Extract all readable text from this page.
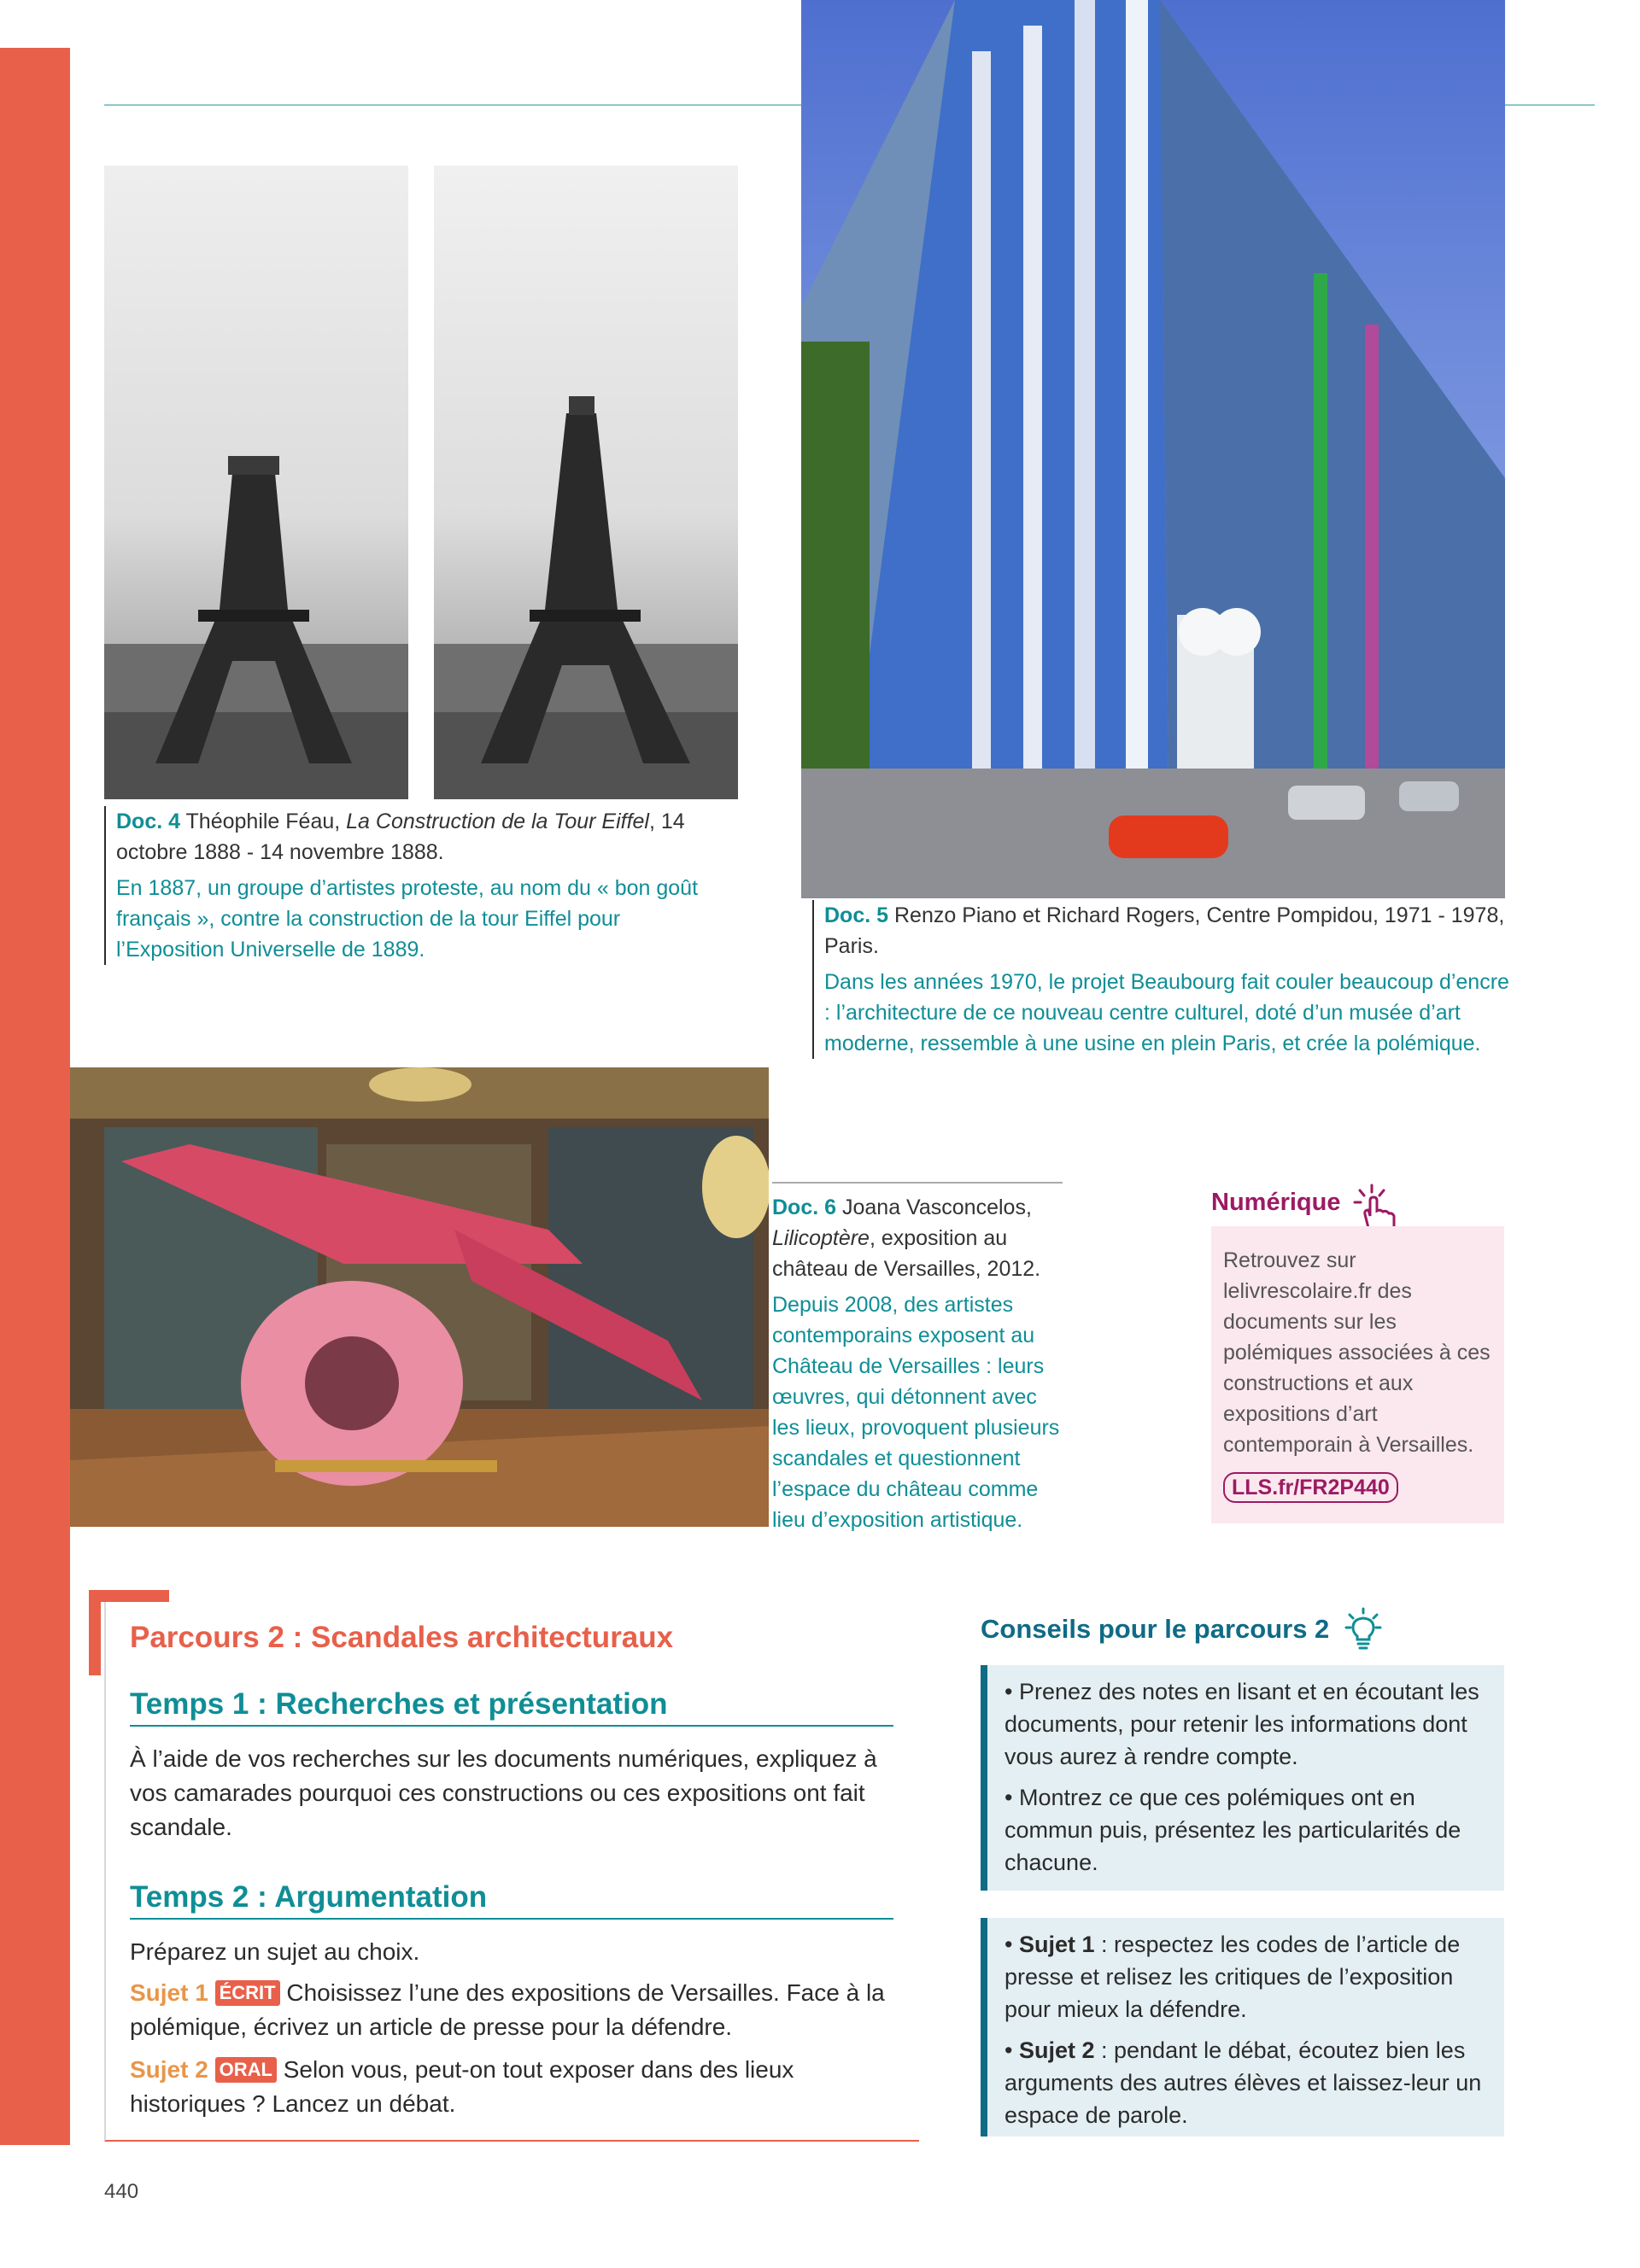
Doc. 4 Théophile Féau, La Construction de la Tour Eiffel, 14 octobre 1888 - 14 novembre 1888.
En 1887, un groupe d’artistes proteste, au nom du « bon goût français », contre la construction de la tour Eiffel pour l’Exposition Universelle de 1889.
Doc. 5 Renzo Piano et Richard Rogers, Centre Pompidou, 1971 - 1978, Paris.
Dans les années 1970, le projet Beaubourg fait couler beaucoup d’encre : l’architecture de ce nouveau centre culturel, doté d’un musée d’art moderne, ressemble à une usine en plein Paris, et crée la polémique.
Doc. 6 Joana Vasconcelos, Lilicoptère, exposition au château de Versailles, 2012.
Depuis 2008, des artistes contemporains exposent au Château de Versailles : leurs œuvres, qui détonnent avec les lieux, provoquent plusieurs scandales et questionnent l’espace du château comme lieu d’exposition artistique.
Numérique
Retrouvez sur lelivrescolaire.fr des documents sur les polémiques associées à ces constructions et aux expositions d’art contemporain à Versailles.
LLS.fr/FR2P440
Parcours 2 : Scandales architecturaux
Temps 1 : Recherches et présentation
À l’aide de vos recherches sur les documents numériques, expliquez à vos camarades pourquoi ces constructions ou ces expositions ont fait scandale.
Temps 2 : Argumentation
Préparez un sujet au choix.
Sujet 1 ÉCRIT Choisissez l’une des expositions de Versailles. Face à la polémique, écrivez un article de presse pour la défendre.
Sujet 2 ORAL Selon vous, peut-on tout exposer dans des lieux historiques ? Lancez un débat.
Conseils pour le parcours 2

• Prenez des notes en lisant et en écoutant les documents, pour retenir les informations dont vous aurez à rendre compte.

• Montrez ce que ces polémiques ont en commun puis, présentez les particularités de chacune.

• Sujet 1 : respectez les codes de l’article de presse et relisez les critiques de l’exposition pour mieux la défendre.

• Sujet 2 : pendant le débat, écoutez bien les arguments des autres élèves et laissez-leur un espace de parole.

440
